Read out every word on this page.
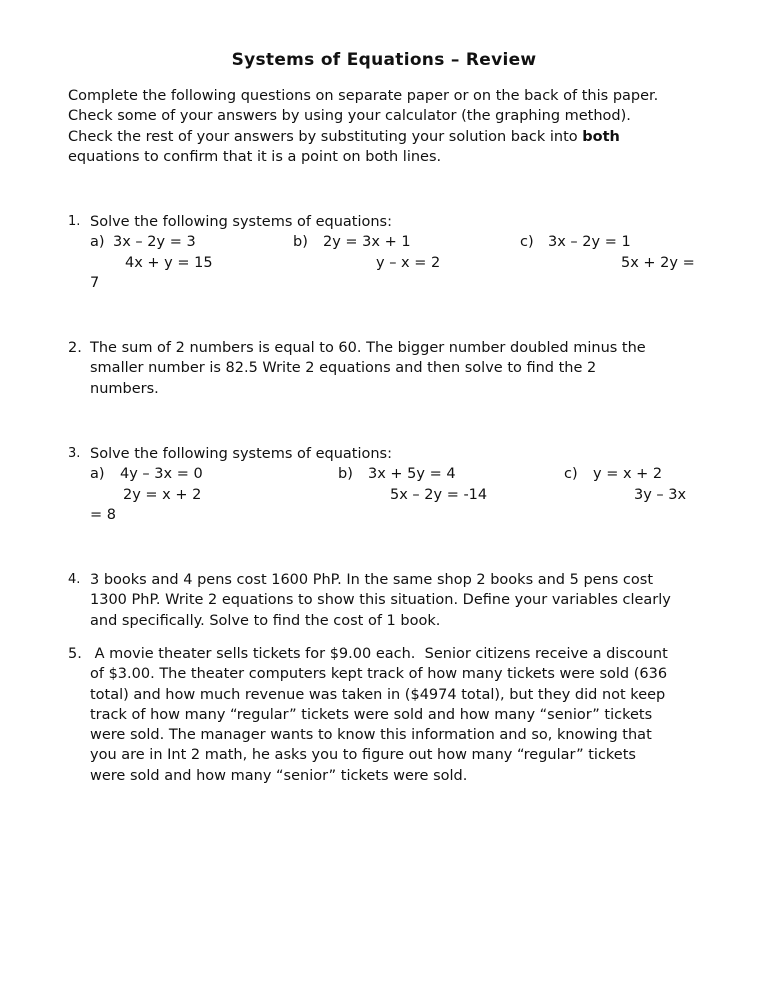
Systems of Equations – Review
Complete the following questions on separate paper or on the back of this paper.
Check some of your answers by using your calculator (the graphing method).
Check the rest of your answers by substituting your solution back into both
equations to confirm that it is a point on both lines.
1. Solve the following systems of equations:
a) 3x – 2y = 3	b) 2y = 3x + 1	c) 3x – 2y = 1
4x + y = 15	y – x = 2	5x + 2y =
7
2. The sum of 2 numbers is equal to 60. The bigger number doubled minus the
smaller number is 82.5 Write 2 equations and then solve to find the 2
numbers.
3. Solve the following systems of equations:
a) 4y – 3x = 0	b) 3x + 5y = 4	c) y = x + 2
2y = x + 2	5x – 2y = -14	3y – 3x
= 8
4. 3 books and 4 pens cost 1600 PhP. In the same shop 2 books and 5 pens cost
1300 PhP. Write 2 equations to show this situation. Define your variables clearly
and specifically. Solve to find the cost of 1 book.
5. A movie theater sells tickets for $9.00 each.  Senior citizens receive a discount
of $3.00. The theater computers kept track of how many tickets were sold (636
total) and how much revenue was taken in ($4974 total), but they did not keep
track of how many “regular” tickets were sold and how many “senior” tickets
were sold. The manager wants to know this information and so, knowing that
you are in Int 2 math, he asks you to figure out how many “regular” tickets
were sold and how many “senior” tickets were sold.
